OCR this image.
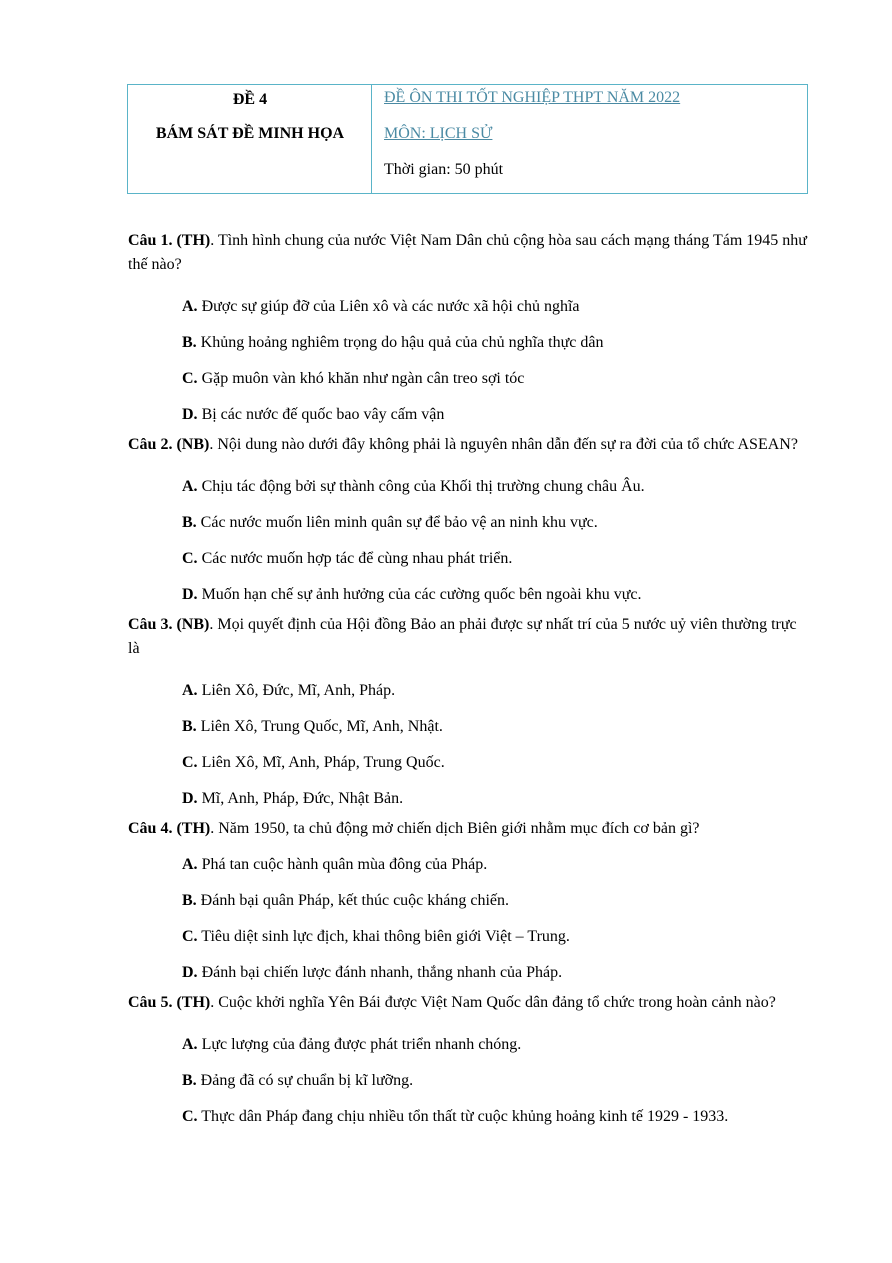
ĐỀ 4
BÁM SÁT ĐỀ MINH HỌA
ĐỀ ÔN THI TỐT NGHIỆP THPT NĂM 2022
MÔN: LỊCH SỬ
Thời gian: 50 phút

Câu 1. (TH). Tình hình chung của nước Việt Nam Dân chủ cộng hòa sau cách mạng tháng Tám 1945 như thế nào?

A. Được sự giúp đỡ của Liên xô và các nước xã hội chủ nghĩa
B. Khủng hoảng nghiêm trọng do hậu quả của chủ nghĩa thực dân
C. Gặp muôn vàn khó khăn như ngàn cân treo sợi tóc
D. Bị các nước đế quốc bao vây cấm vận

Câu 2. (NB). Nội dung nào dưới đây không phải là nguyên nhân dẫn đến sự ra đời của tổ chức ASEAN?

A. Chịu tác động bởi sự thành công của Khối thị trường chung châu Âu.
B. Các nước muốn liên minh quân sự để bảo vệ an ninh khu vực.
C. Các nước muốn hợp tác để cùng nhau phát triển.
D. Muốn hạn chế sự ảnh hưởng của các cường quốc bên ngoài khu vực.

Câu 3. (NB). Mọi quyết định của Hội đồng Bảo an phải được sự nhất trí của 5 nước uỷ viên thường trực là

A. Liên Xô, Đức, Mĩ, Anh, Pháp.
B. Liên Xô, Trung Quốc, Mĩ, Anh, Nhật.
C. Liên Xô, Mĩ, Anh, Pháp, Trung Quốc.
D. Mĩ, Anh, Pháp, Đức, Nhật Bản.

Câu 4. (TH). Năm 1950, ta chủ động mở chiến dịch Biên giới nhằm mục đích cơ bản gì?

A. Phá tan cuộc hành quân mùa đông của Pháp.
B. Đánh bại quân Pháp, kết thúc cuộc kháng chiến.
C. Tiêu diệt sinh lực địch, khai thông biên giới Việt – Trung.
D. Đánh bại chiến lược đánh nhanh, thắng nhanh của Pháp.

Câu 5. (TH). Cuộc khởi nghĩa Yên Bái được Việt Nam Quốc dân đảng tổ chức trong hoàn cảnh nào?

A. Lực lượng của đảng được phát triển nhanh chóng.
B. Đảng đã có sự chuẩn bị kĩ lưỡng.
C. Thực dân Pháp đang chịu nhiều tổn thất từ cuộc khủng hoảng kinh tế 1929 - 1933.
